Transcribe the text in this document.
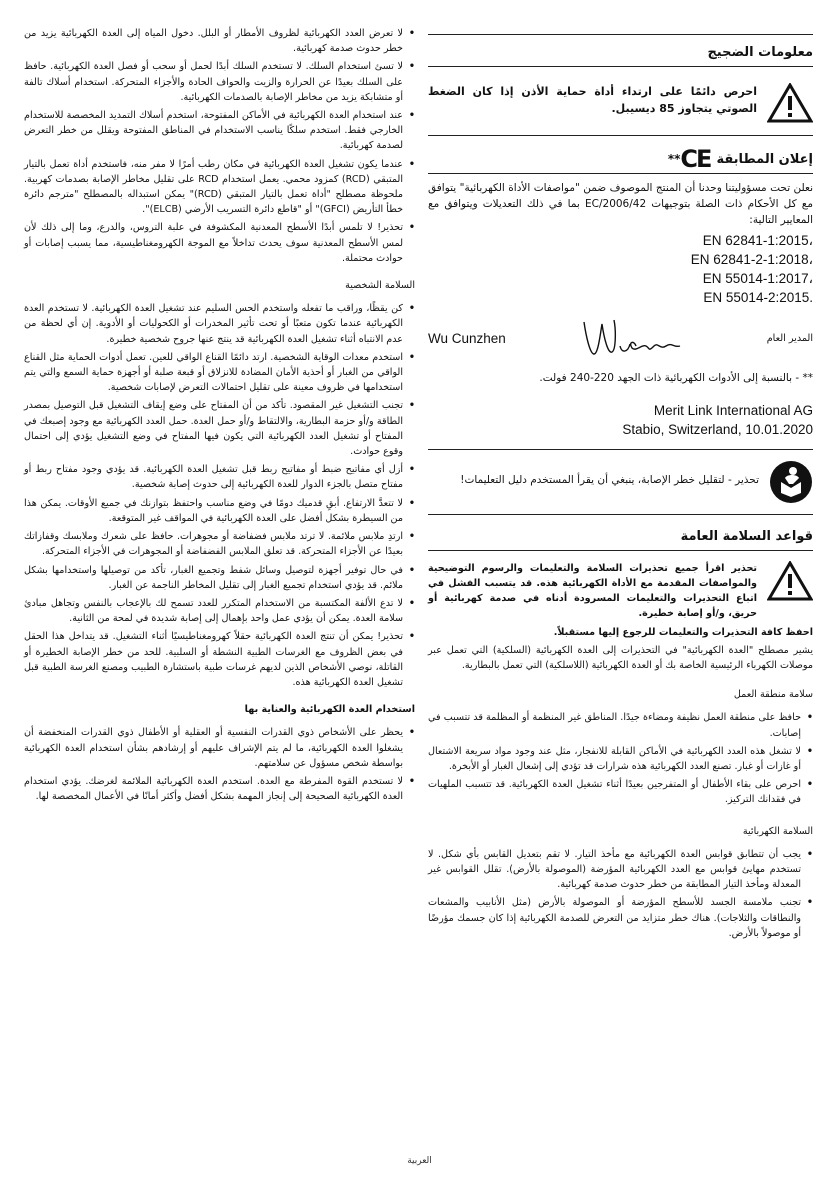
معلومات الضجيج
احرص دائمًا على ارتداء أداة حماية الأذن إذا كان الضغط الصوتي يتجاوز 85 ديسيبل.
إعلان المطابقة
** CE
نعلن تحت مسؤوليتنا وحدنا أن المنتج الموصوف ضمن "مواصفات الأداة الكهربائية" يتوافق مع كل الأحكام ذات الصلة بتوجيهات 2006/42/EC بما في ذلك التعديلات ويتوافق مع المعايير التالية:
EN 62841-1:2015،
EN 62841-2-1:2018،
EN 55014-1:2017،
EN 55014-2:2015.
المدير العام
Wu Cunzhen
** - بالنسبة إلى الأدوات الكهربائية ذات الجهد 220-240 فولت.
Merit Link International AG
Stabio, Switzerland, 10.01.2020
تحذير - لتقليل خطر الإصابة، ينبغي أن يقرأ المستخدم دليل التعليمات!
قواعد السلامة العامة
تحذير اقرأ جميع تحذيرات السلامة والتعليمات والرسوم التوضيحية والمواصفات المقدمة مع الأداة الكهربائية هذه. قد يتسبب الفشل في اتباع التحذيرات والتعليمات المسرودة أدناه في صدمة كهربائية أو حريق، و/أو إصابة خطيرة.
احفظ كافة التحذيرات والتعليمات للرجوع إليها مستقبلاً.
يشير مصطلح "العدة الكهربائية" في التحذيرات إلى العدة الكهربائية (السلكية) التي تعمل عبر موصلات الكهرباء الرئيسية الخاصة بك أو العدة الكهربائية (اللاسلكية) التي تعمل بالبطارية.
سلامة منطقة العمل
• حافظ على منطقة العمل نظيفة ومضاءة جيدًا. المناطق غير المنظمة أو المظلمة قد تتسبب في إصابات.
• لا تشغل هذه العدد الكهربائية في الأماكن القابلة للانفجار، مثل عند وجود مواد سريعة الاشتعال أو غازات أو غبار. تصنع العدد الكهربائية هذه شرارات قد تؤدي إلى إشعال الغبار أو الأبخرة.
• احرص على بقاء الأطفال أو المتفرجين بعيدًا أثناء تشغيل العدة الكهربائية. قد تتسبب الملهيات في فقدانك التركيز.
السلامة الكهربائية
• يجب أن تتطابق قوابس العدة الكهربائية مع مأخذ التيار. لا تقم بتعديل القابس بأي شكل. لا تستخدم مهايئ قوابس مع العدد الكهربائية المؤرضة (الموصولة بالأرض). تقلل القوابس غير المعدلة ومأخذ التيار المطابقة من خطر حدوث صدمة كهربائية.
• تجنب ملامسة الجسد للأسطح المؤرضة أو الموصولة بالأرض (مثل الأنابيب والمشعات والنطاقات والثلاجات). هناك خطر متزايد من التعرض للصدمة الكهربائية إذا كان جسمك مؤرضًا أو موصولاً بالأرض.
• لا تعرض العدد الكهربائية لظروف الأمطار أو البلل. دخول المياه إلى العدة الكهربائية يزيد من خطر حدوث صدمة كهربائية.
• لا تسئ استخدام السلك. لا تستخدم السلك أبدًا لحمل أو سحب أو فصل العدة الكهربائية. حافظ على السلك بعيدًا عن الحرارة والزيت والحواف الحادة والأجزاء المتحركة. استخدام أسلاك تالفة أو متشابكة يزيد من مخاطر الإصابة بالصدمات الكهربائية.
• عند استخدام العدة الكهربائية في الأماكن المفتوحة، استخدم أسلاك التمديد المخصصة للاستخدام الخارجي فقط. استخدم سلكًا يناسب الاستخدام في المناطق المفتوحة ويقلل من خطر التعرض لصدمة كهربائية.
• عندما يكون تشغيل العدة الكهربائية في مكان رطب أمرًا لا مفر منه، فاستخدم أداة تعمل بالتيار المتبقي (RCD) كمزود محمي. يعمل استخدام RCD على تقليل مخاطر الإصابة بصدمات كهربية. ملحوظة مصطلح "أداة تعمل بالتيار المتبقي (RCD)" يمكن استبداله بالمصطلح "مترجم دائرة خطأ التأريض (GFCI)" أو "قاطع دائرة التسريب الأرضي (ELCB)".
• تحذير! لا تلمس أبدًا الأسطح المعدنية المكشوفة في علبة التروس، والدرع، وما إلى ذلك لأن لمس الأسطح المعدنية سوف يحدث تداخلاً مع الموجة الكهرومغناطيسية، مما يسبب إصابات أو حوادث محتملة.
السلامة الشخصية
• كن يقظًا، وراقب ما تفعله واستخدم الحس السليم عند تشغيل العدة الكهربائية. لا تستخدم العدة الكهربائية عندما تكون متعبًا أو تحت تأثير المخدرات أو الكحوليات أو الأدوية. إن أي لحظة من عدم الانتباه أثناء تشغيل العدة الكهربائية قد ينتج عنها جروح شخصية خطيرة.
• استخدم معدات الوقاية الشخصية. ارتد دائمًا القناع الواقي للعين. تعمل أدوات الحماية مثل القناع الواقي من الغبار أو أحذية الأمان المضادة للانزلاق أو قبعة صلبة أو أجهزة حماية السمع والتي يتم استخدامها في ظروف معينة على تقليل احتمالات التعرض لإصابات شخصية.
• تجنب التشغيل غير المقصود. تأكد من أن المفتاح على وضع إيقاف التشغيل قبل التوصيل بمصدر الطاقة و/أو حزمة البطارية، والالتقاط و/أو حمل العدة. حمل العدد الكهربائية مع وجود إصبعك في المفتاح أو تشغيل العدد الكهربائية التي يكون فيها المفتاح في وضع التشغيل يؤدي إلى احتمال وقوع حوادث.
• أزل أي مفاتيح ضبط أو مفاتيح ربط قبل تشغيل العدة الكهربائية. قد يؤدي وجود مفتاح ربط أو مفتاح متصل بالجزء الدوار للعدة الكهربائية إلى حدوث إصابة شخصية.
• لا تتعدَّ الارتفاع. أبقِ قدميك دومًا في وضع مناسب واحتفظ بتوازنك في جميع الأوقات. يمكن هذا من السيطرة بشكل أفضل على العدة الكهربائية في المواقف غير المتوقعة.
• ارتدِ ملابس ملائمة. لا ترتد ملابس فضفاضة أو مجوهرات. حافظ على شعرك وملابسك وقفازاتك بعيدًا عن الأجزاء المتحركة. قد تعلق الملابس الفضفاضة أو المجوهرات في الأجزاء المتحركة.
• في حال توفير أجهزة لتوصيل وسائل شفط وتجميع الغبار، تأكد من توصيلها واستخدامها بشكل ملائم. قد يؤدي استخدام تجميع الغبار إلى تقليل المخاطر الناجمة عن الغبار.
• لا تدع الألفة المكتسبة من الاستخدام المتكرر للعدد تسمح لك بالإعجاب بالنفس وتجاهل مبادئ سلامة العدة. يمكن أن يؤدي عمل واحد بإهمال إلى إصابة شديدة في لمحة من الثانية.
• تحذير! يمكن أن تنتج العدة الكهربائية حقلاً كهرومغناطيسيًا أثناء التشغيل. قد يتداخل هذا الحقل في بعض الظروف مع الغرسات الطبية النشطة أو السلبية. للحد من خطر الإصابة الخطيرة أو القاتلة، نوصي الأشخاص الذين لديهم غرسات طبية باستشارة الطبيب ومصنع الغرسة الطبية قبل تشغيل العدة الكهربائية هذه.
استخدام العدة الكهربائية والعناية بها
• يحظر على الأشخاص ذوي القدرات النفسية أو العقلية أو الأطفال ذوي القدرات المنخفضة أن يشغلوا العدة الكهربائية، ما لم يتم الإشراف عليهم أو إرشادهم بشأن استخدام العدة الكهربائية بواسطة شخص مسؤول عن سلامتهم.
• لا تستخدم القوة المفرطة مع العدة. استخدم العدة الكهربائية الملائمة لغرضك. يؤدي استخدام العدة الكهربائية الصحيحة إلى إنجاز المهمة بشكل أفضل وأكثر أمانًا في الأعمال المخصصة لها.
العربية
